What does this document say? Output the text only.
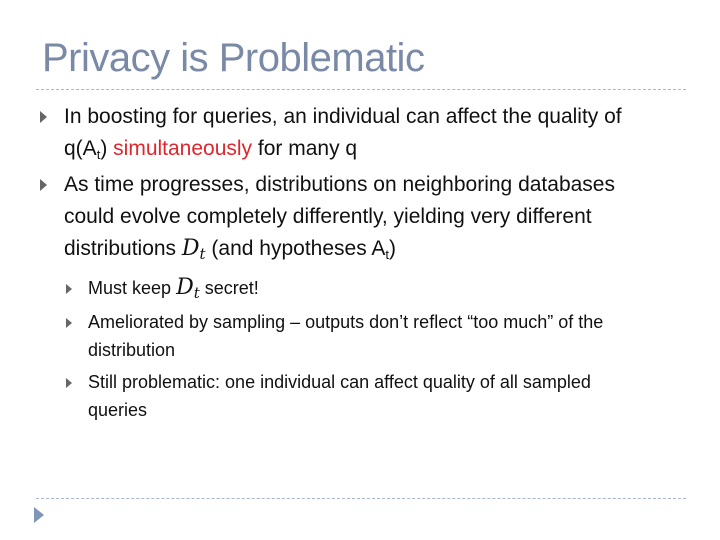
Privacy is Problematic
In boosting for queries, an individual can affect the quality of
$q(A_t)$ simultaneously for many q
As time progresses, distributions on neighboring databases
could evolve completely differently, yielding very different
distributions $D_t$ (and hypotheses $A_t$)
Must keep $D_t$ secret!
Ameliorated by sampling – outputs don’t reflect “too much” of the
distribution
Still problematic: one individual can affect quality of all sampled
queries
